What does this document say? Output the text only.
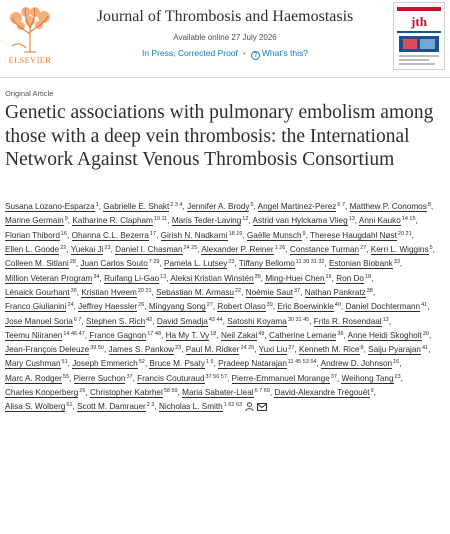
ELSEVIER
Journal of Thrombosis and Haemostasis
Available online 27 July 2026
In Press, Corrected Proof • ? What’s this?
jth
Original Article
Genetic associations with pulmonary embolism among those with a deep vein thrombosis: the International Network Against Venous Thrombosis Consortium
Susana Lozano-Esparza$^1$, Gabrielle E. Shakt$^{2 3 4}$, Jennifer A. Brody$^5$, Angel Martinez-Perez$^{6 7}$, Matthew P. Conomos$^8$, Marine Germain$^9$, Katharine R. Clapham$^{10 11}$, Maris Teder-Laving$^{12}$, Astrid van Hylckama Vlieg$^{13}$, Anni Kauko$^{14 15}$, Florian Thibord$^{16}$, Ohanna C.L. Bezerra$^{17}$, Girish N. Nadkarni$^{18 19}$, Gaëlle Munsch$^9$, Therese Haugdahl Nøst$^{20 21}$, Ellen L. Goode$^{22}$, Yuekai Ji$^{23}$, Daniel I. Chasman$^{24 25}$, Alexander P. Reiner$^{1 26}$, Constance Turman$^{27}$, Kerri L. Wiggins$^5$, Colleen M. Sitlani$^{28}$, Juan Carlos Souto$^{7 29}$, Pamela L. Lutsey$^{23}$, Tiffany Bellomo$^{11 30 31 32}$, Estonian Biobank$^{33}$, Million Veteran Program$^{34}$, Ruifang Li-Gao$^{13}$, Aleksi Kristian Winstén$^{35}$, Ming-Huei Chen$^{16}$, Ron Do$^{18}$, Lénaick Gourhant$^{36}$, Kristian Hveem$^{20 21}$, Sebastian M. Armasu$^{22}$, Noémie Saut$^{37}$, Nathan Pankratz$^{38}$, Franco Giulianini$^{24}$, Jeffrey Haessler$^{26}$, Mingyang Song$^{27}$, Robert Olaso$^{39}$, Eric Boerwinkle$^{40}$, Daniel Dochtermann$^{41}$, Jose Manuel Soria$^{6 7}$, Stephen S. Rich$^{42}$, David Smadja$^{43 44}$, Satoshi Koyama$^{30 31 45}$, Frits R. Rosendaal$^{13}$, Teemu Niiranen$^{14 46 47}$, France Gagnon$^{17 48}$, Ha My T. Vy$^{18}$, Neil Zakai$^{49}$, Catherine Lemarie$^{36}$, Anne Heidi Skogholt$^{20}$, Jean-François Deleuze$^{39 50}$, James S. Pankow$^{23}$, Paul M. Ridker$^{24 25}$, Yuxi Liu$^{27}$, Kenneth M. Rice$^8$, Saiju Pyarajan$^{41}$, Mary Cushman$^{51}$, Joseph Emmerich$^{52}$, Bruce M. Psaty$^{1 5}$, Pradeep Natarajan$^{11 45 53 54}$, Andrew D. Johnson$^{16}$, Marc A. Rodger$^{55}$, Pierre Suchon$^{37}$, Francis Couturaud$^{37 56 57}$, Pierre-Emmanuel Morange$^{37}$, Weihong Tang$^{23}$, Charles Kooperberg$^{26}$, Christopher Kabrhel$^{58 59}$, Maria Sabater-Lleal$^{6 7 60}$, David-Alexandre Trégouët$^9$, Alisa S. Wolberg$^{61}$, Scott M. Damrauer$^{2 3}$, Nicholas L. Smith$^{1 62 63}$
